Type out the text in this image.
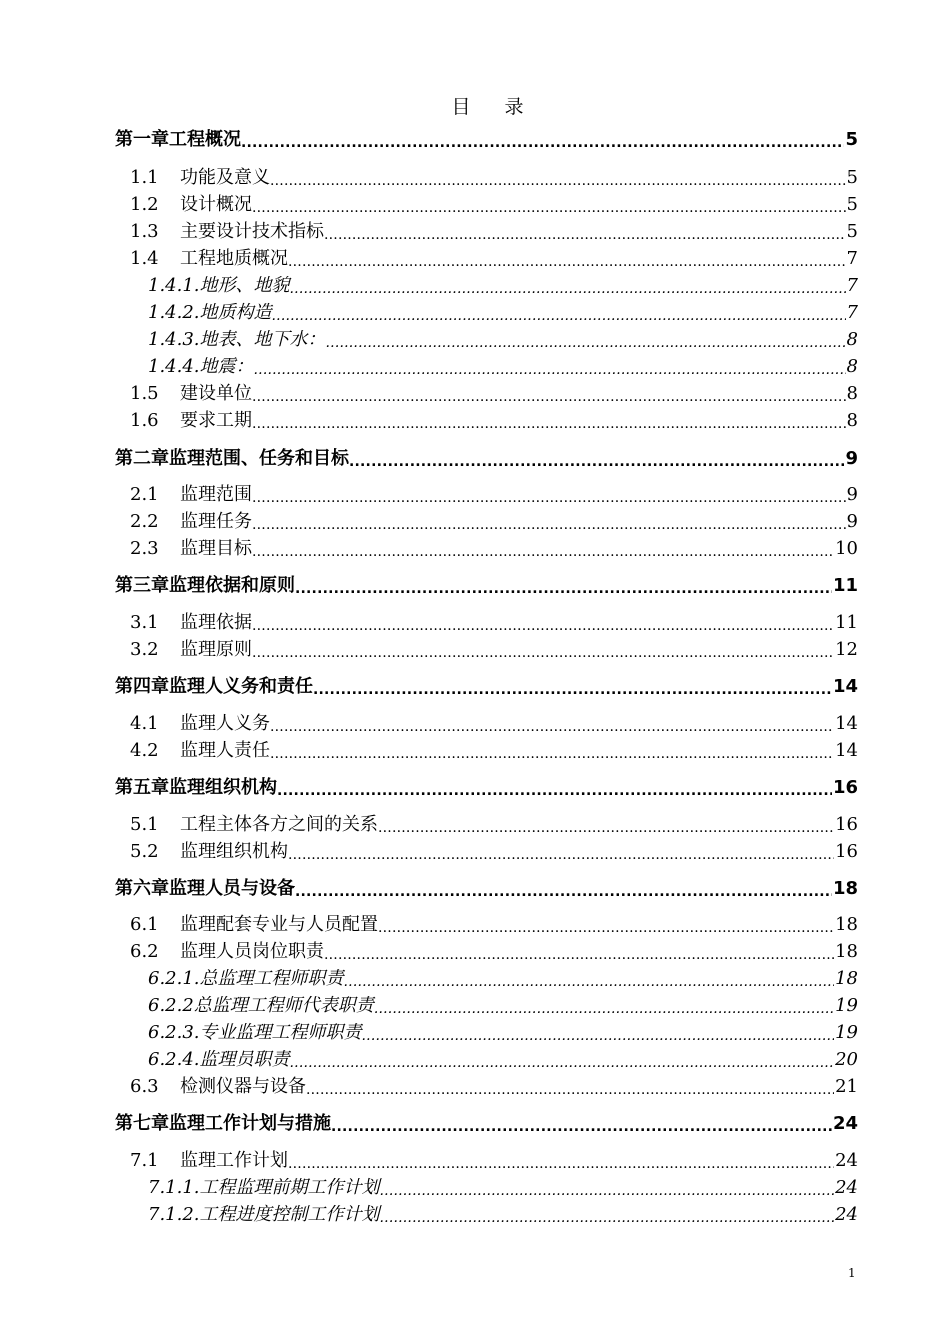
目 录
第一章工程概况 .....	5
1.1	功能及意义 .....	5
1.2	设计概况 .....	5
1.3	主要设计技术指标 .....	5
1.4	工程地质概况 .....	7
1.4.1.地形、地貌 .....	7
1.4.2.地质构造 .....	7
1.4.3.地表、地下水： .....	8
1.4.4.地震： .....	8
1.5	建设单位 .....	8
1.6	要求工期 .....	8
第二章监理范围、任务和目标 .....	9
2.1	监理范围 .....	9
2.2	监理任务 .....	9
2.3	监理目标 .....	10
第三章监理依据和原则 .....	11
3.1	监理依据 .....	11
3.2	监理原则 .....	12
第四章监理人义务和责任 .....	14
4.1	监理人义务 .....	14
4.2	监理人责任 .....	14
第五章监理组织机构 .....	16
5.1	工程主体各方之间的关系 .....	16
5.2	监理组织机构 .....	16
第六章监理人员与设备 .....	18
6.1	监理配套专业与人员配置 .....	18
6.2	监理人员岗位职责 .....	18
6.2.1.总监理工程师职责 .....	18
6.2.2总监理工程师代表职责 .....	19
6.2.3.专业监理工程师职责 .....	19
6.2.4.监理员职责 .....	20
6.3	检测仪器与设备 .....	21
第七章监理工作计划与措施 .....	24
7.1	监理工作计划 .....	24
7.1.1.工程监理前期工作计划 .....	24
7.1.2.工程进度控制工作计划 .....	24
1
